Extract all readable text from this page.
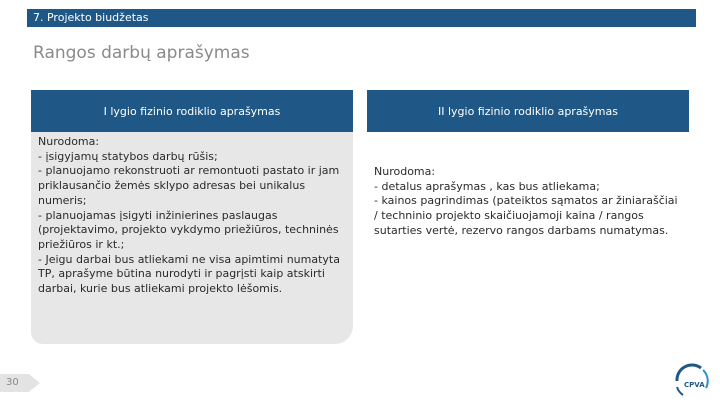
7. Projekto biudžetas
Rangos darbų aprašymas
I lygio fizinio rodiklio aprašymas
Nurodoma:
- įsigyjamų statybos darbų rūšis;
- planuojamo rekonstruoti ar remontuoti pastato ir jam priklausančio žemės sklypo adresas bei unikalus numeris;
- planuojamas įsigyti inžinierines paslaugas (projektavimo, projekto vykdymo priežiūros, techninės priežiūros ir kt.;
- Jeigu darbai bus atliekami ne visa apimtimi numatyta TP, aprašyme būtina nurodyti ir pagrįsti kaip atskirti darbai, kurie bus atliekami projekto lėšomis.
II lygio fizinio rodiklio aprašymas
Nurodoma:
- detalus aprašymas , kas bus atliekama;
- kainos pagrindimas (pateiktos sąmatos ar žiniaraščiai / techninio projekto skaičiuojamoji kaina / rangos sutarties vertė, rezervo rangos darbams numatymas.
30	CPVA
